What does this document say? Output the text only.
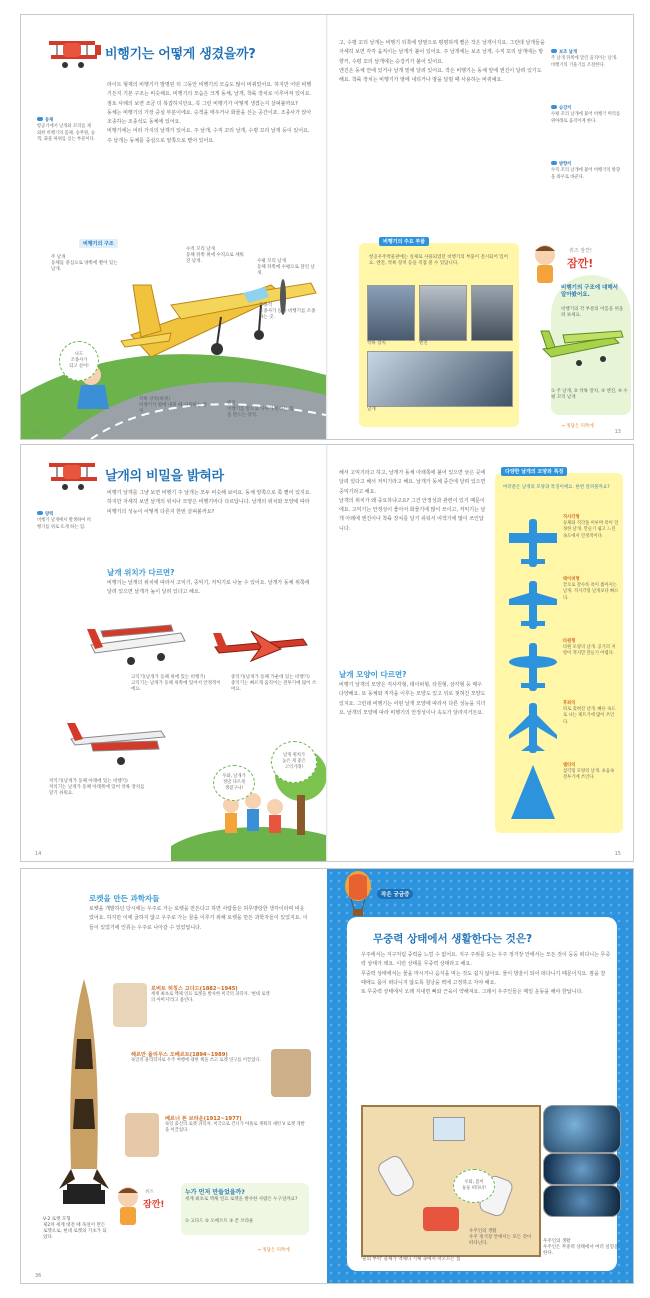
비행기는 어떻게 생겼을까?

동체

항공기에서 날개와 꼬리를 제외한 비행기의 몸체. 승무원, 승객, 화물 따위를 싣는 부분이다.

라이트 형제의 비행기가 발명된 뒤 그동안 비행기의 모습도 많이 바뀌었어요. 하지만 어떤 비행기든지 기본 구조는 비슷해요. 비행기의 모습은 크게 동체, 날개, 착륙 장치로 이루어져 있어요. 점토 사례의 보면 조금 더 복잡하지만요, 꼭 그런 비행기가 어떻게 생겼는지 살펴볼까요?
동체는 비행기의 가장 중심 부분이에요. 승객을 태우거나 화물을 싣는 공간이죠. 조종사가 앉아 조종하는 조종석도 동체에 있어요.
비행기에는 여러 가지의 날개가 있어요. 주 날개, 수직 꼬리 날개, 수평 꼬리 날개 등이 있어요. 주 날개는 동체를 중심으로 양쪽으로 뻗어 있어요.
비행기의 구조
주 날개
동체를 중심으로 양쪽에 뻗어 있는 날개.
수직 꼬리 날개
동체 뒤쪽 위에 수직으로 세워진 날개.	수평 꼬리 날개
동체 뒤쪽에 수평으로 달린 날개.
조종석
조종사가 앉아 비행기를 조종하는 곳.
착륙 장치(바퀴)
비행기가 땅에 내릴 때 사용하는 장치.
엔진
비행기를 앞으로 나아가게 하는 힘을 만드는 장치.
나도
조종사가
되고 싶어!
12
고, 수평 꼬리 날개는 비행기 뒤쪽에 양옆으로 평평하게 뻗은 작은 날개이지요. 그런데 날개들을 자세히 보면 각각 움직이는 날개가 붙어 있어요. 주 날개에는 보조 날개, 수직 꼬리 날개에는 방향키, 수평 꼬리 날개에는 승강키가 붙어 있어요.
엔진은 동체 안에 있거나 날개 밑에 달려 있어요. 작은 비행기는 동체 앞에 엔진이 달려 있기도 해요. 착륙 장치는 비행기가 땅에 내리거나 땅을 달릴 때 사용하는 바퀴예요.

보조 날개

주 날개 뒤쪽에 달린 움직이는 날개. 비행기의 기울기를 조절한다.

승강키

수평 꼬리 날개에 붙어 비행기 머리를 위아래로 움직이게 한다.

방향키

수직 꼬리 날개에 붙어 비행기의 방향을 좌우로 바꾼다.

비행기의 주요 부품
항공우주박물관에는 실제로 사용되었던 비행기의 부품이 전시되어 있어요. 엔진, 착륙 장치 등을 직접 볼 수 있답니다.
착륙 장치	엔진
날개
퀴즈 잠깐!
잠깐!
비행기의 구조에 대해서 알아봤어요.
비행기의 각 부분의 이름을 떠올려 보세요.
① 주 날개, ② 착륙 장치, ③ 엔진, ④ 수평 꼬리 날개
→ 정답은 뒤쪽에
13
날개의 비밀을 밝혀라

양력

비행기 날개에서 발생하여 비행기를 위로 뜨게 하는 힘.

비행기 날개를 그냥 보면 비행기 주 날개는 모두 비슷해 보여요. 동체 양쪽으로 쭉 뻗어 있지요. 하지만 자세히 보면 날개의 위치나 모양은 비행기마다 다르답니다. 날개의 위치와 모양에 따라 비행기의 성능이 어떻게 다른지 한번 살펴볼까요?
날개 위치가 다르면?
비행기는 날개의 위치에 따라서 고익기, 중익기, 저익기로 나눌 수 있어요. 날개가 동체 위쪽에 달려 있으면 날개가 높이 달려 있다고 해요.
고익기(날개가 동체 위에 있는 비행기)
고익기는 날개가 동체 위쪽에 있어서 안정적이에요.
중익기(날개가 동체 가운데 있는 비행기)
중익기는 빠르게 움직이는 전투기에 많이 쓰여요.
저익기(날개가 동체 아래에 있는 비행기)
저익기는 날개가 동체 아래쪽에 있어 착륙 장치를 달기 쉬워요.
날개 위치가
높은 게 좋은
고익기래!
우와, 날개가
정말 다르게
생겼구나!
14
해서 고익기라고 하고, 날개가 동체 아래쪽에 붙어 있으면 낮은 곳에 달려 있다고 해서 저익기라고 해요. 날개가 동체 중간에 달려 있으면 중익기라고 해요.
날개의 위치가 왜 중요하냐고요? 그건 안정성과 관련이 있기 때문이에요. 고익기는 안정성이 좋아서 화물기에 많이 쓰이고, 저익기는 날개 아래에 엔진이나 착륙 장치를 달기 쉬워서 여객기에 많이 쓰인답니다.
날개 모양이 다르면?
비행기 날개의 모양은 직사각형, 테이퍼형, 타원형, 삼각형 등 매우 다양해요. 또 동체와 직각을 이루는 모양도 있고 뒤로 젖혀진 모양도 있지요. 그런데 비행기는 어떤 날개 모양에 따라서 다른 성능을 지녀요. 날개의 모양에 따라 비행기의 안정성이나 속도가 달라지거든요.
다양한 날개의 모양과 특징
여러분은 날개의 모양과 특징이에요. 한번 살펴볼까요?
직사각형
동체와 직각을 이루며 폭이 일정한 날개. 만들기 쉽고 느린 속도에서 안정적이다.
테이퍼형
끝으로 갈수록 폭이 좁아지는 날개. 직사각형 날개보다 빠르다.
타원형
타원 모양의 날개. 공기의 저항이 적지만 만들기 어렵다.
후퇴익
뒤로 젖혀진 날개. 빠른 속도로 나는 제트기에 많이 쓰인다.
델타익
삼각형 모양의 날개. 초음속 전투기에 쓰인다.
15
로켓을 만든 과학자들
로켓을 개발하던 당시에는 우주로 가는 로켓을 만든다고 하면 사람들은 허무맹랑한 생각이라며 비웃었어요. 하지만 이에 굴하지 않고 우주로 가는 꿈을 이루기 위해 로켓을 만든 과학자들이 있었지요. 이들이 있었기에 인류는 우주로 나아갈 수 있었답니다.
V-2 로켓 모형
제2차 세계 대전 때 독일이 만든 로켓으로, 현대 로켓의 기초가 되었다.
로버트 허칭스 고다드(1882~1945)
세계 최초로 액체 연료 로켓을 발사한 미국의 과학자. '현대 로켓의 아버지'라고 불린다.
헤르만 율리우스 오베르트(1894~1989)
독일의 물리학자로 우주 여행에 대한 책을 쓰고 로켓 연구를 이끌었다.
베르너 폰 브라운(1912~1977)
독일 출신의 로켓 과학자. 미국으로 건너가 아폴로 계획의 새턴 V 로켓 개발을 이끌었다.
퀴즈
잠깐!
누가 먼저 만들었을까?
세계 최초로 액체 연료 로켓을 발사한 사람은 누구일까요?
① 고다드 ② 오베르트 ③ 폰 브라운
→ 정답은 뒤쪽에
36
작은 궁금증
무중력 상태에서 생활한다는 것은?
우주에서는 지구처럼 중력을 느낄 수 없어요. 지구 주위를 도는 우주 정거장 안에서는 모든 것이 둥둥 떠다니는 무중력 상태가 돼요. 이런 상태를 무중력 상태라고 해요.
무중력 상태에서는 물을 마시거나 음식을 먹는 것도 쉽지 않아요. 물이 방울이 되어 떠다니기 때문이지요. 잠을 잘 때에도 몸이 떠다니지 않도록 침낭을 벽에 고정하고 자야 해요.
또 무중력 상태에서 오래 지내면 뼈와 근육이 약해져요. 그래서 우주인들은 매일 운동을 해야 한답니다.
우와, 몸이
둥둥 떠다녀!
'물의 부력' 물체가 액체나 기체 속에서 떠오르는 힘
우주인의 생활
우주 정거장 안에서는 모든 것이 떠다닌다.	우주인의 생활
우주인은 무중력 상태에서 여러 실험을 한다.
